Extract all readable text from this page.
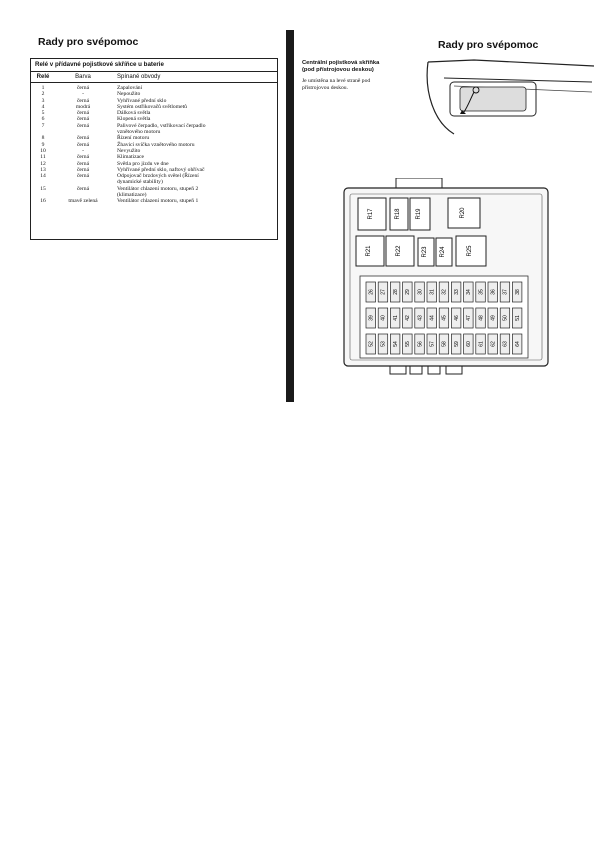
Rady pro svépomoc
Relé v přídavné pojistkové skříňce u baterie
Relé	Barva	Spínané obvody
1	černá	Zapalování
2	-	Nepoužito
3	černá	Vyhřívané přední sklo
4	modrá	Systém ostřikovačů světlometů
5	černá	Dálková světla
6	černá	Klopená světla
7	černá	Palivové čerpadlo, vstřikovací čerpadlo
vznětového motoru
8	černá	Řízení motoru
9	černá	Žhavicí svíčka vznětového motoru
10	-	Nevyužito
11	černá	Klimatizace
12	černá	Světla pro jízdu ve dne
13	černá	Vyhřívané přední sklo, naftový ohřívač
14	černá	Odpojovač brzdových světel (Řízení
dynamické stability)
15	černá	Ventilátor chlazení motoru, stupeň 2
(klimatizace)
16	tmavě zelená	Ventilátor chlazení motoru, stupeň 1
Rady pro svépomoc
Centrální pojistková skříňka
(pod přístrojovou deskou)
Je umístěna na levé straně pod
přístrojovou deskou.
R17	R18	R19	R20
R21	R22	R23 R24	R25
26 27 28 29 30 31 32 33 34 35 36 37 38
39 40 41 42 43 44 45 46 47 48 49 50 51
52 53 54 55 56 57 58 59 60 61 62 63 64
